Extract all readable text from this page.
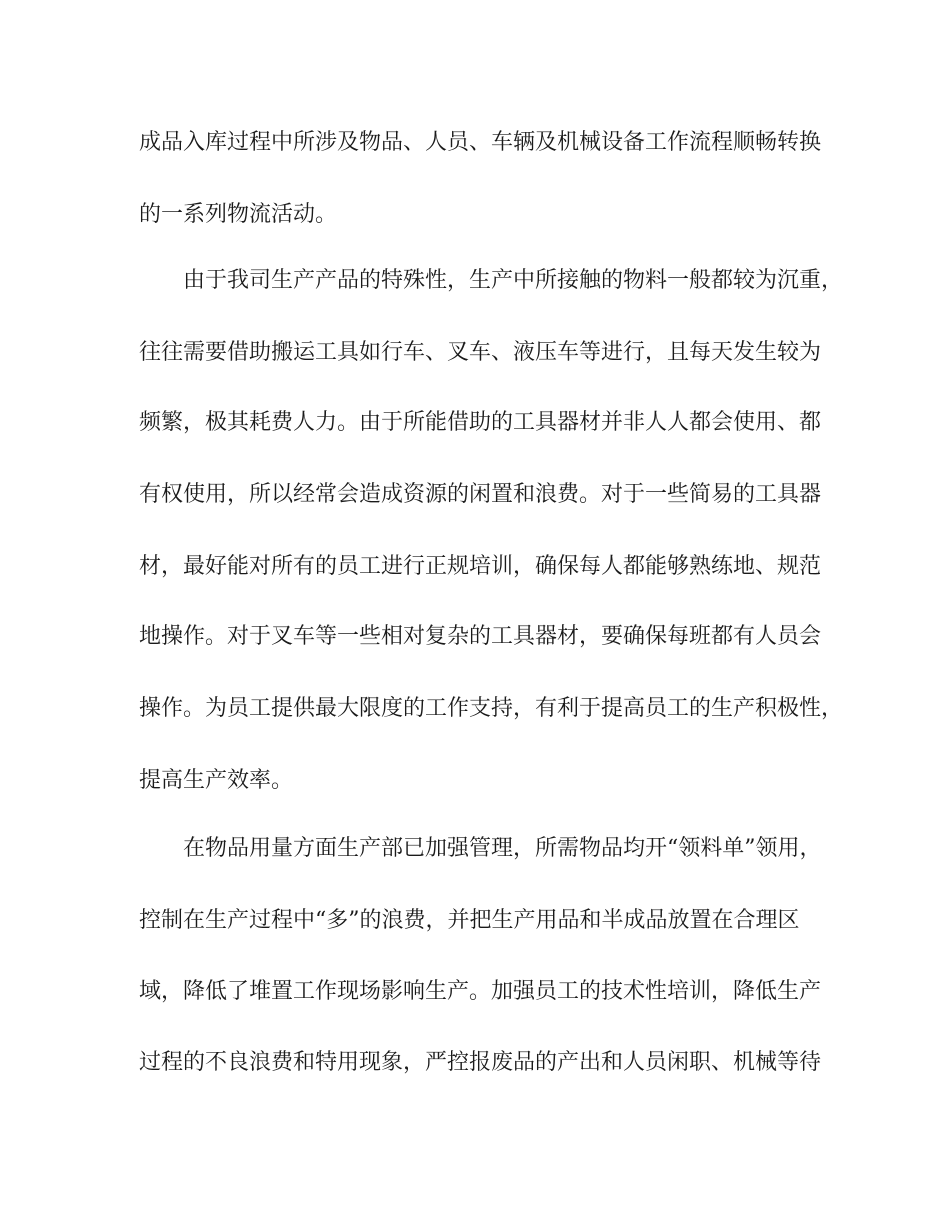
成品入库过程中所涉及物品、人员、车辆及机械设备工作流程顺畅转换
的一系列物流活动。
由于我司生产产品的特殊性，生产中所接触的物料一般都较为沉重，
往往需要借助搬运工具如行车、叉车、液压车等进行，且每天发生较为
频繁，极其耗费人力。由于所能借助的工具器材并非人人都会使用、都
有权使用，所以经常会造成资源的闲置和浪费。对于一些简易的工具器
材，最好能对所有的员工进行正规培训，确保每人都能够熟练地、规范
地操作。对于叉车等一些相对复杂的工具器材，要确保每班都有人员会
操作。为员工提供最大限度的工作支持，有利于提高员工的生产积极性，
提高生产效率。
在物品用量方面生产部已加强管理，所需物品均开“领料单”领用，
控制在生产过程中“多”的浪费，并把生产用品和半成品放置在合理区
域，降低了堆置工作现场影响生产。加强员工的技术性培训，降低生产
过程的不良浪费和特用现象，严控报废品的产出和人员闲职、机械等待
